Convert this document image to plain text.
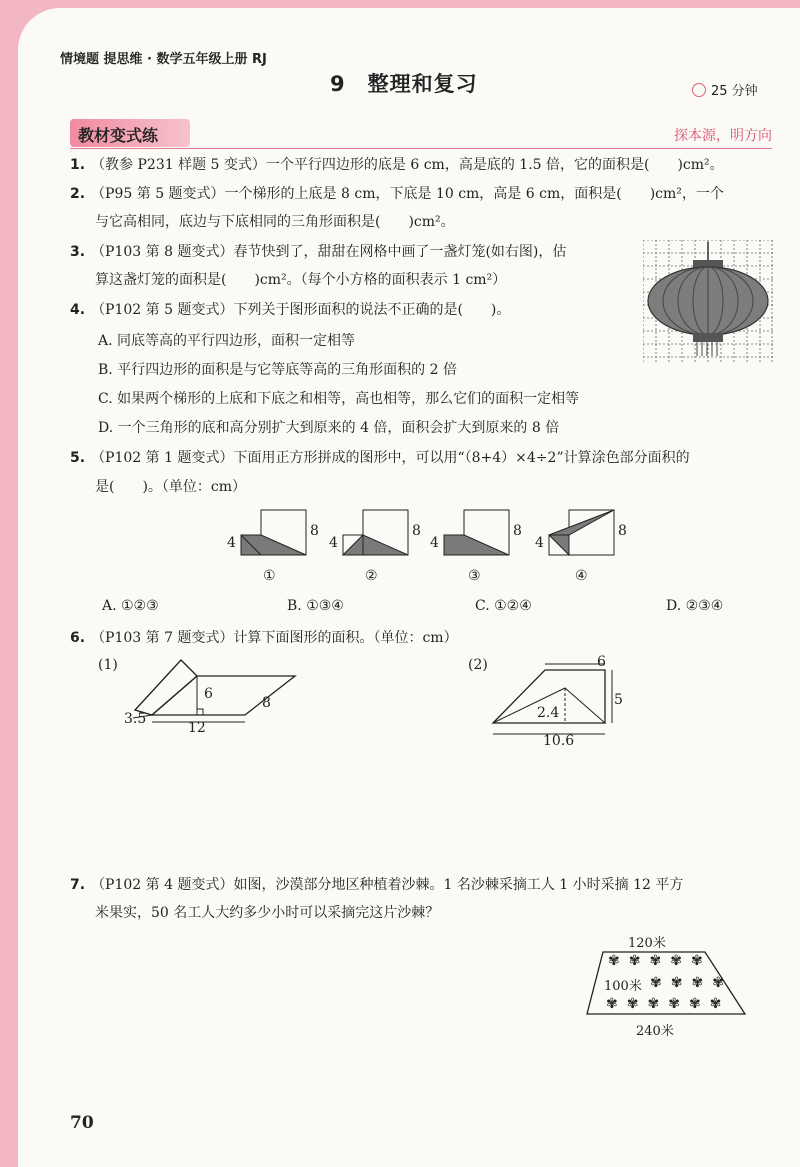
情境题 提思维 · 数学五年级上册 RJ
9　整理和复习	25 分钟
教材变式练	探本源，明方向
1. （教参 P231 样题 5 变式）一个平行四边形的底是 6 cm，高是底的 1.5 倍，它的面积是(　　)cm²。
2. （P95 第 5 题变式）一个梯形的上底是 8 cm，下底是 10 cm，高是 6 cm，面积是(　　)cm²，一个
与它高相同，底边与下底相同的三角形面积是(　　)cm²。
3. （P103 第 8 题变式）春节快到了，甜甜在网格中画了一盏灯笼(如右图)，估
算这盏灯笼的面积是(　　)cm²。（每个小方格的面积表示 1 cm²）
4. （P102 第 5 题变式）下列关于图形面积的说法不正确的是(　　)。
A. 同底等高的平行四边形，面积一定相等
B. 平行四边形的面积是与它等底等高的三角形面积的 2 倍
C. 如果两个梯形的上底和下底之和相等，高也相等，那么它们的面积一定相等
D. 一个三角形的底和高分别扩大到原来的 4 倍，面积会扩大到原来的 8 倍
5. （P102 第 1 题变式）下面用正方形拼成的图形中，可以用“（8+4）×4÷2”计算涂色部分面积的
是(　　)。（单位：cm）
4
8
4
8
4
8
4
8
①	②	③	④
A. ①②③	B. ①③④	C. ①②④	D. ②③④
6. （P103 第 7 题变式）计算下面图形的面积。（单位：cm）
(1)	(2)
6
8
3.5
12
6
5
2.4
10.6
7. （P102 第 4 题变式）如图，沙漠部分地区种植着沙棘。1 名沙棘采摘工人 1 小时采摘 12 平方
米果实，50 名工人大约多少小时可以采摘完这片沙棘？
120米
100米
240米
✾✾✾✾✾
✾✾✾✾
✾✾✾✾✾✾
70
